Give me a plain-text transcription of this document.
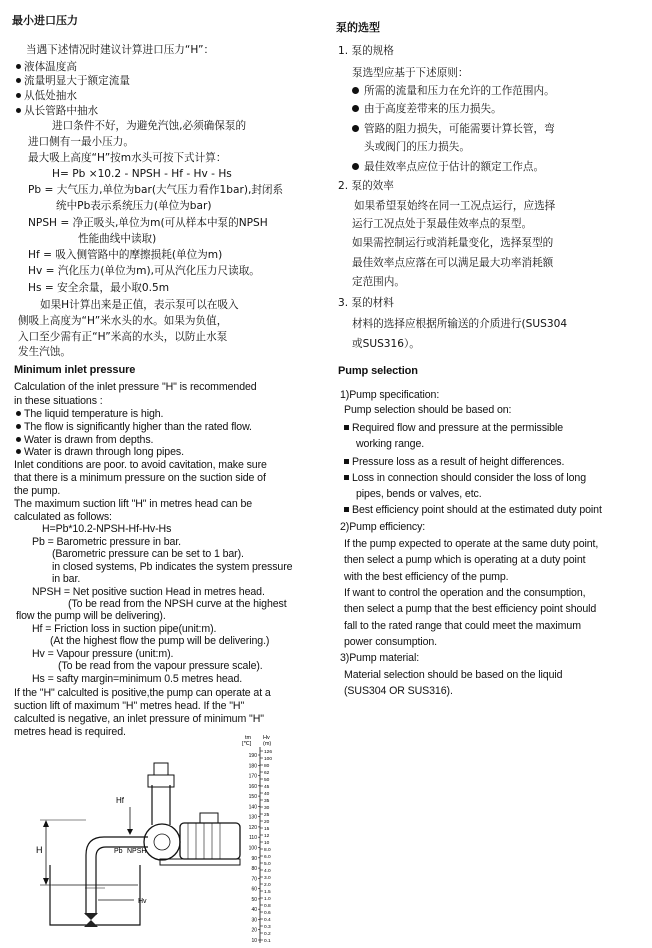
最小进口压力
当遇下述情况时建议计算进口压力“H”：
液体温度高
流量明显大于额定流量
从低处抽水
从长管路中抽水
进口条件不好，为避免汽蚀,必须确保泵的
进口侧有一最小压力。
最大吸上高度“H”按m水头可按下式计算：
H= Pb ×10.2 - NPSH - Hf - Hv - Hs
Pb = 大气压力,单位为bar(大气压力看作1bar),封闭系
统中Pb表示系统压力(单位为bar)
NPSH = 净正吸头,单位为m(可从样本中泵的NPSH
性能曲线中读取)
Hf = 吸入侧管路中的摩擦损耗(单位为m)
Hv = 汽化压力(单位为m),可从汽化压力尺读取。
Hs = 安全余量，最小取0.5m
如果H计算出来是正值，表示泵可以在吸入
侧吸上高度为“H”米水头的水。如果为负值，
入口至少需有正“H”米高的水头，以防止水泵
发生汽蚀。
Minimum inlet pressure
Calculation of the inlet pressure "H" is recommended
in these situations :
The liquid temperature is high.
The flow is significantly higher than the rated flow.
Water is drawn from depths.
Water is drawn through long pipes.
Inlet conditions are poor. to avoid cavitation, make sure
that there is a minimum pressure on the suction side of
the pump.
The maximum suction lift "H" in metres head can be
calculated as follows:
H=Pb*10.2-NPSH-Hf-Hv-Hs
Pb = Barometric pressure in bar.
(Barometric pressure can be set to 1 bar).
in closed systems, Pb indicates the system pressure
in bar.
NPSH = Net positive suction Head in metres head.
(To be read from the NPSH curve at the highest
flow the pump will be delivering).
Hf = Friction loss in suction pipe(unit:m).
(At the highest flow the pump will be delivering.)
Hv = Vapour pressure (unit:m).
(To be read from the vapour pressure scale).
Hs = safty margin=minimum 0.5 metres head.
If the "H" calculted is positive,the pump can operate at a
suction lift of maximum "H" metres head. If the "H"
calculted is negative, an inlet pressure of minimum "H"
metres head is required.
泵的选型
1. 泵的规格
泵选型应基于下述原则：
所需的流量和压力在允许的工作范围内。
由于高度差带来的压力损失。
管路的阻力损失，可能需要计算长管，弯
头或阀门的压力损失。
最佳效率点应位于估计的额定工作点。
2. 泵的效率
如果希望泵始终在同一工况点运行，应选择
运行工况点处于泵最佳效率点的泵型。
如果需控制运行或消耗量变化，选择泵型的
最佳效率点应落在可以满足最大功率消耗额
定范围内。
3. 泵的材料
材料的选择应根据所输送的介质进行(SUS304
或SUS316）。
Pump selection
1)Pump specification:
Pump selection should be based on:
Required flow and pressure at the permissible
working range.
Pressure loss as a result of height differences.
Loss in connection should consider the loss of long
pipes, bends or valves, etc.
Best efficiency point should at the estimated duty point
2)Pump efficiency:
If the pump expected to operate at the same duty point,
then select a pump which is operating at a duty point
with the best efficiency of the pump.
If want to control the operation and the consumption,
then select a pump that the best efficiency point should
fall to the rated range that could meet the maximum
power consumption.
3)Pump material:
Material selection should be based on the liquid
(SUS304 OR SUS316).
H
Hf
Pb NPSH
Hv
tm
[℃]
Hv
(m)
190
180
170
160
150
140
130
120
110
100
90
80
70
60
50
40
30
20
10
126
100
80
62
50
45
40
35
30
25
20
15
12
10
8.0
6.0
5.0
4.0
3.0
2.0
1.5
1.0
0.8
0.6
0.4
0.3
0.2
0.1
